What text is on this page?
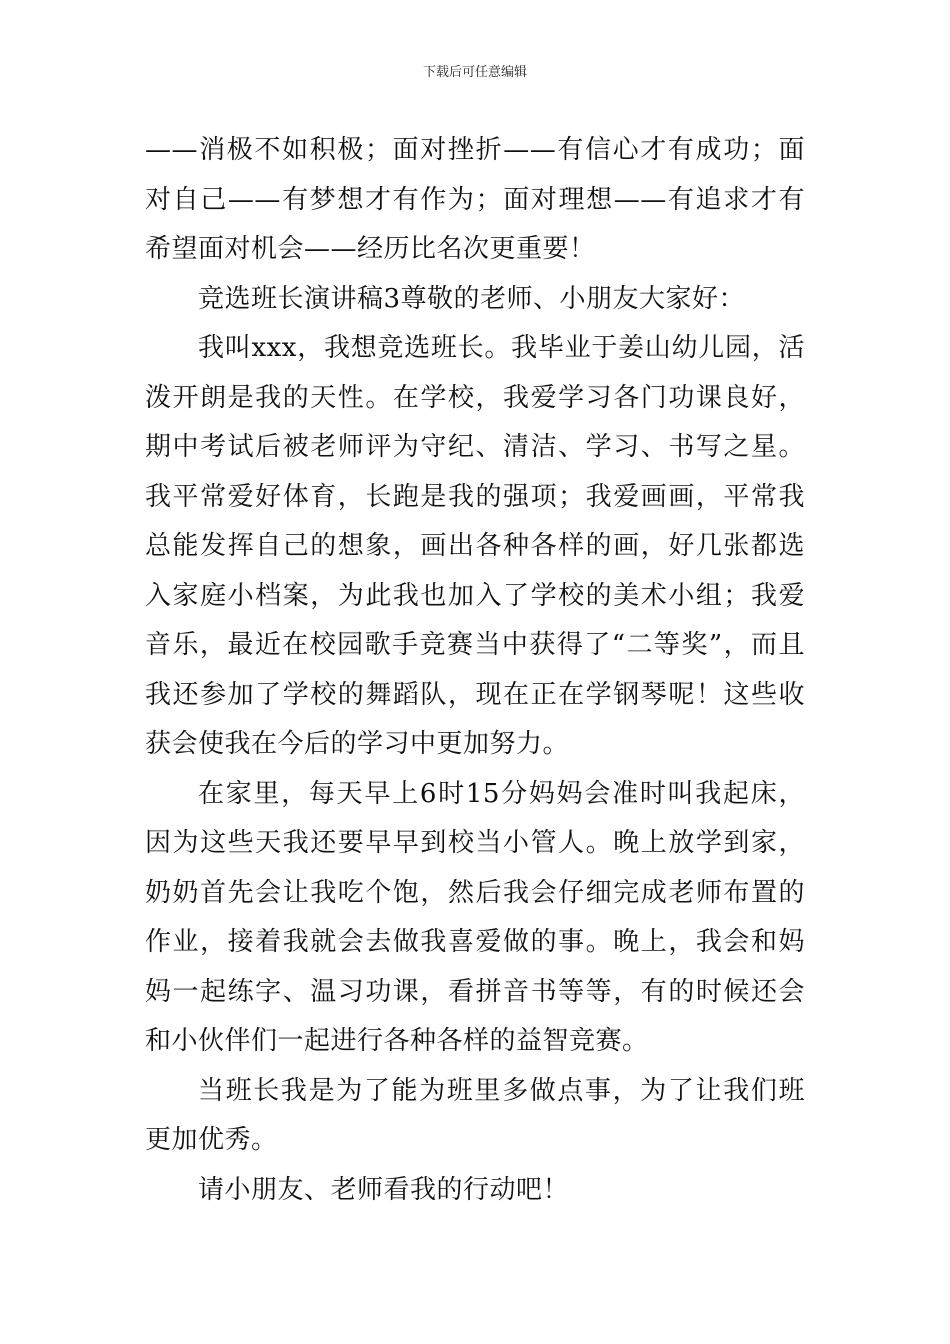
下载后可任意编辑

——消极不如积极；面对挫折——有信心才有成功；面对自己——有梦想才有作为；面对理想——有追求才有希望面对机会——经历比名次更重要！

竞选班长演讲稿3尊敬的老师、小朋友大家好：

我叫xxx，我想竞选班长。我毕业于姜山幼儿园，活泼开朗是我的天性。在学校，我爱学习各门功课良好，期中考试后被老师评为守纪、清洁、学习、书写之星。我平常爱好体育，长跑是我的强项；我爱画画，平常我总能发挥自己的想象，画出各种各样的画，好几张都选入家庭小档案，为此我也加入了学校的美术小组；我爱音乐，最近在校园歌手竞赛当中获得了“二等奖”，而且我还参加了学校的舞蹈队，现在正在学钢琴呢！这些收获会使我在今后的学习中更加努力。

在家里，每天早上6时15分妈妈会准时叫我起床，因为这些天我还要早早到校当小管人。晚上放学到家，奶奶首先会让我吃个饱，然后我会仔细完成老师布置的作业，接着我就会去做我喜爱做的事。晚上，我会和妈妈一起练字、温习功课，看拼音书等等，有的时候还会和小伙伴们一起进行各种各样的益智竞赛。

当班长我是为了能为班里多做点事，为了让我们班更加优秀。

请小朋友、老师看我的行动吧！
